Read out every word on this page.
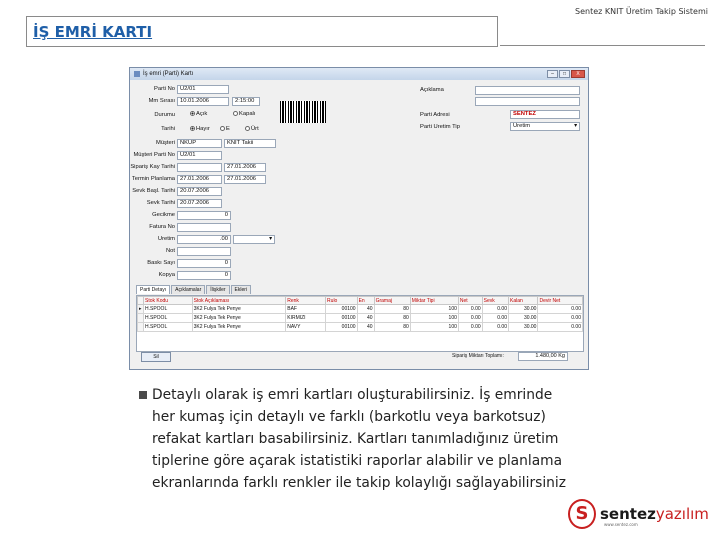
Sentez KNIT Üretim Takip Sistemi
İŞ EMRİ KARTI
İş emri (Parti) Kartı	–	□	X
Parti No U2/01
Mm Sırası 10.01.2006	2:15:00
Durumu	Açık	Kapalı
Tarihi	Hayır	E	Ürt
Müşteri NKUP	KNIT Takii
Müşteri Parti No U2/01
Sipariş Kay Tarihi	27.01.2006
Termin Planlama 27.01.2006	27.01.2006
Sevk Başl. Tarihi 20.07.2006
Sevk Tarihi 20.07.2006
Gecikme	0
Fatura No
Üretim	.00	▾
Not
Baskı Sayı	0
Kopya	0
Açıklama
Parti Adresi	SENTEZ
Parti Üretim Tip	Üretim	▾
Parti Detayı	Açıklamalar	İlişkiler	Ekleri
	Stok Kodu	Stok Açıklaması	Renk	Rulo	En	Gramaj	Miktar Tipi	Net	Sevk	Kalan	Devir Net
▸	H.SPOOL	3K2 Fulya Tek Penye	BAF	00100	40	80	100	0.00	0.00	30.00	0.00
	H.SPOOL	3K2 Fulya Tek Penye	KIRMIZI	00100	40	80	100	0.00	0.00	30.00	0.00
	H.SPOOL	3K2 Fulya Tek Penye	NAVY	00100	40	80	100	0.00	0.00	30.00	0.00
Sil	Sipariş Miktarı Toplamı:	1.480,00 Kg
Detaylı olarak iş emri kartları oluşturabilirsiniz. İş emrinde her kumaş için detaylı ve farklı (barkotlu veya barkotsuz) refakat kartları basabilirsiniz. Kartları tanımladığınız üretim tiplerine göre açarak istatistiki raporlar alabilir ve planlama ekranlarında farklı renkler ile takip kolaylığı sağlayabilirsiniz
S sentezyazılım
www.sentez.com
